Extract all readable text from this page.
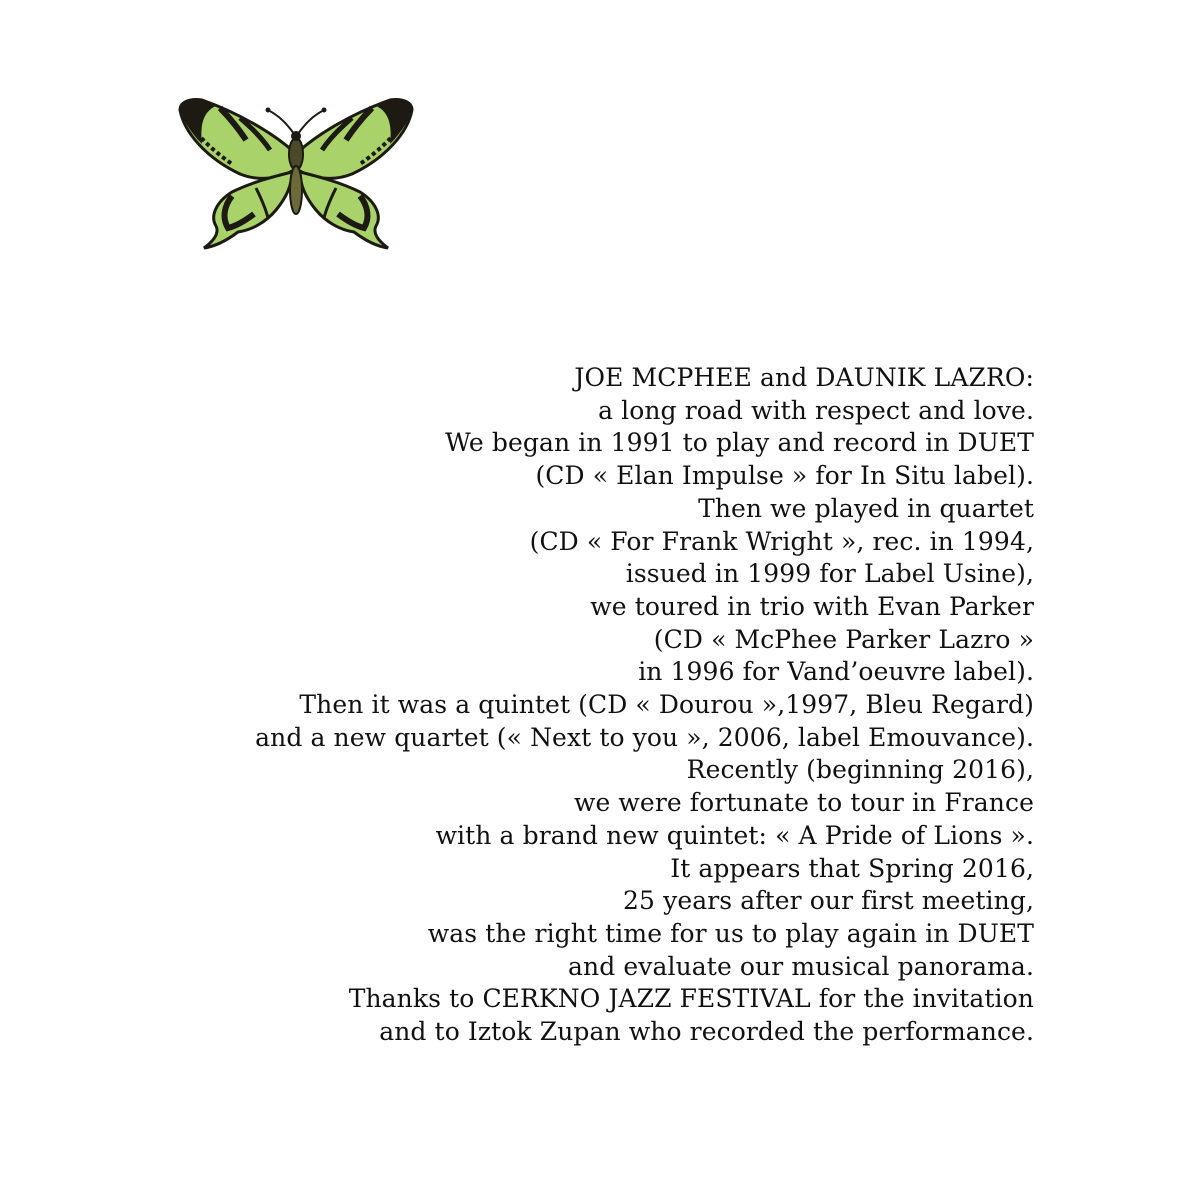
JOE MCPHEE and DAUNIK LAZRO:
a long road with respect and love.
We began in 1991 to play and record in DUET
(CD « Elan Impulse » for In Situ label).
Then we played in quartet
(CD « For Frank Wright », rec. in 1994,
issued in 1999 for Label Usine),
we toured in trio with Evan Parker
(CD « McPhee Parker Lazro »
in 1996 for Vand’oeuvre label).
Then it was a quintet (CD « Dourou »,1997, Bleu Regard)
and a new quartet (« Next to you », 2006, label Emouvance).
Recently (beginning 2016),
we were fortunate to tour in France
with a brand new quintet: « A Pride of Lions ».
It appears that Spring 2016,
25 years after our first meeting,
was the right time for us to play again in DUET
and evaluate our musical panorama.
Thanks to CERKNO JAZZ FESTIVAL for the invitation
and to Iztok Zupan who recorded the performance.
